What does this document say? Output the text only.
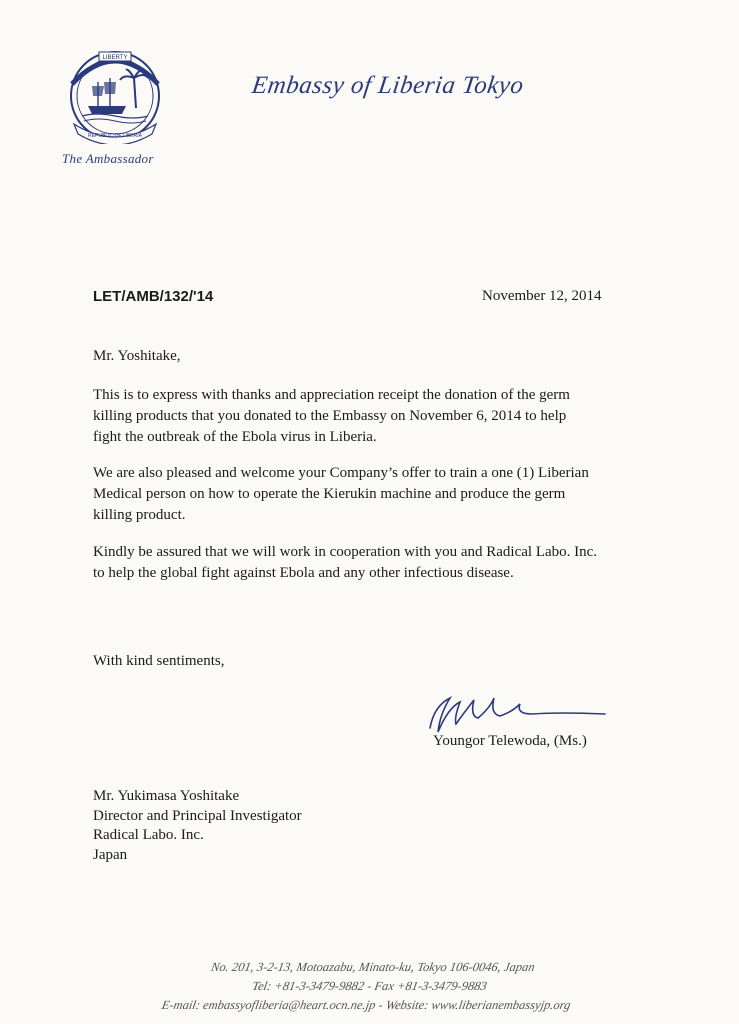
LIBERTY
REPUBLIC OF LIBERIA
The Ambassador
Embassy of Liberia Tokyo
LET/AMB/132/'14	November 12, 2014

Mr. Yoshitake,

This is to express with thanks and appreciation receipt the donation of the germ
killing products that you donated to the Embassy on November 6, 2014 to help
fight the outbreak of the Ebola virus in Liberia.

We are also pleased and welcome your Company’s offer to train a one (1) Liberian
Medical person on how to operate the Kierukin machine and produce the germ
killing product.

Kindly be assured that we will work in cooperation with you and Radical Labo. Inc.
to help the global fight against Ebola and any other infectious disease.

With kind sentiments,

Youngor Telewoda, (Ms.)
Mr. Yukimasa Yoshitake
Director and Principal Investigator
Radical Labo. Inc.
Japan
No. 201, 3-2-13, Motoazabu, Minato-ku, Tokyo 106-0046, Japan
Tel: +81-3-3479-9882 - Fax +81-3-3479-9883
E-mail: embassyofliberia@heart.ocn.ne.jp - Website: www.liberianembassyjp.org
